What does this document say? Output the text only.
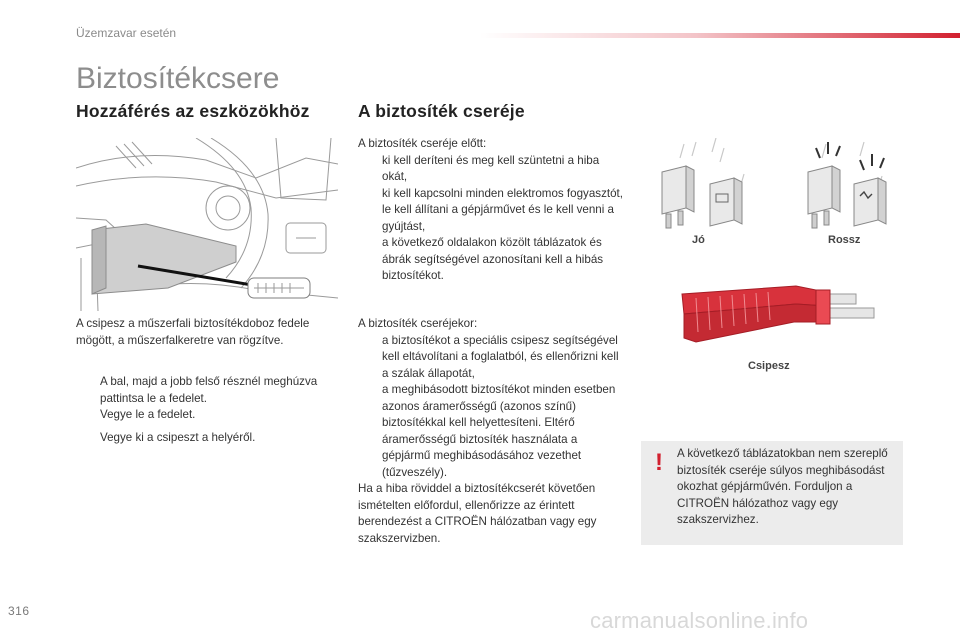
Üzemzavar esetén
Biztosítékcsere
Hozzáférés az eszközökhöz	A biztosíték cseréje
A csipesz a műszerfali biztosítékdoboz fedele mögött, a műszerfalkeretre van rögzítve.
A bal, majd a jobb felső résznél meghúzva pattintsa le a fedelet.
Vegye le a fedelet.
Vegye ki a csipeszt a helyéről.
A biztosíték cseréje előtt:
ki kell deríteni és meg kell szüntetni a hiba okát,
ki kell kapcsolni minden elektromos fogyasztót,
le kell állítani a gépjárművet és le kell venni a gyújtást,
a következő oldalakon közölt táblázatok és ábrák segítségével azonosítani kell a hibás biztosítékot.
A biztosíték cseréjekor:
a biztosítékot a speciális csipesz segítségével kell eltávolítani a foglalatból, és ellenőrizni kell a szálak állapotát,
a meghibásodott biztosítékot minden esetben azonos áramerősségű (azonos színű) biztosítékkal kell helyettesíteni. Eltérő áramerősségű biztosíték használata a gépjármű meghibásodásához vezethet (tűzveszély).
Ha a hiba röviddel a biztosítékcserét követően ismételten előfordul, ellenőrizze az érintett berendezést a CITROËN hálózatban vagy egy szakszervizben.
Jó	Rossz
Csipesz
! A következő táblázatokban nem szereplő biztosíték cseréje súlyos meghibásodást okozhat gépjárművén. Forduljon a CITROËN hálózathoz vagy egy szakszervizhez.
316	carmanualsonline.info
